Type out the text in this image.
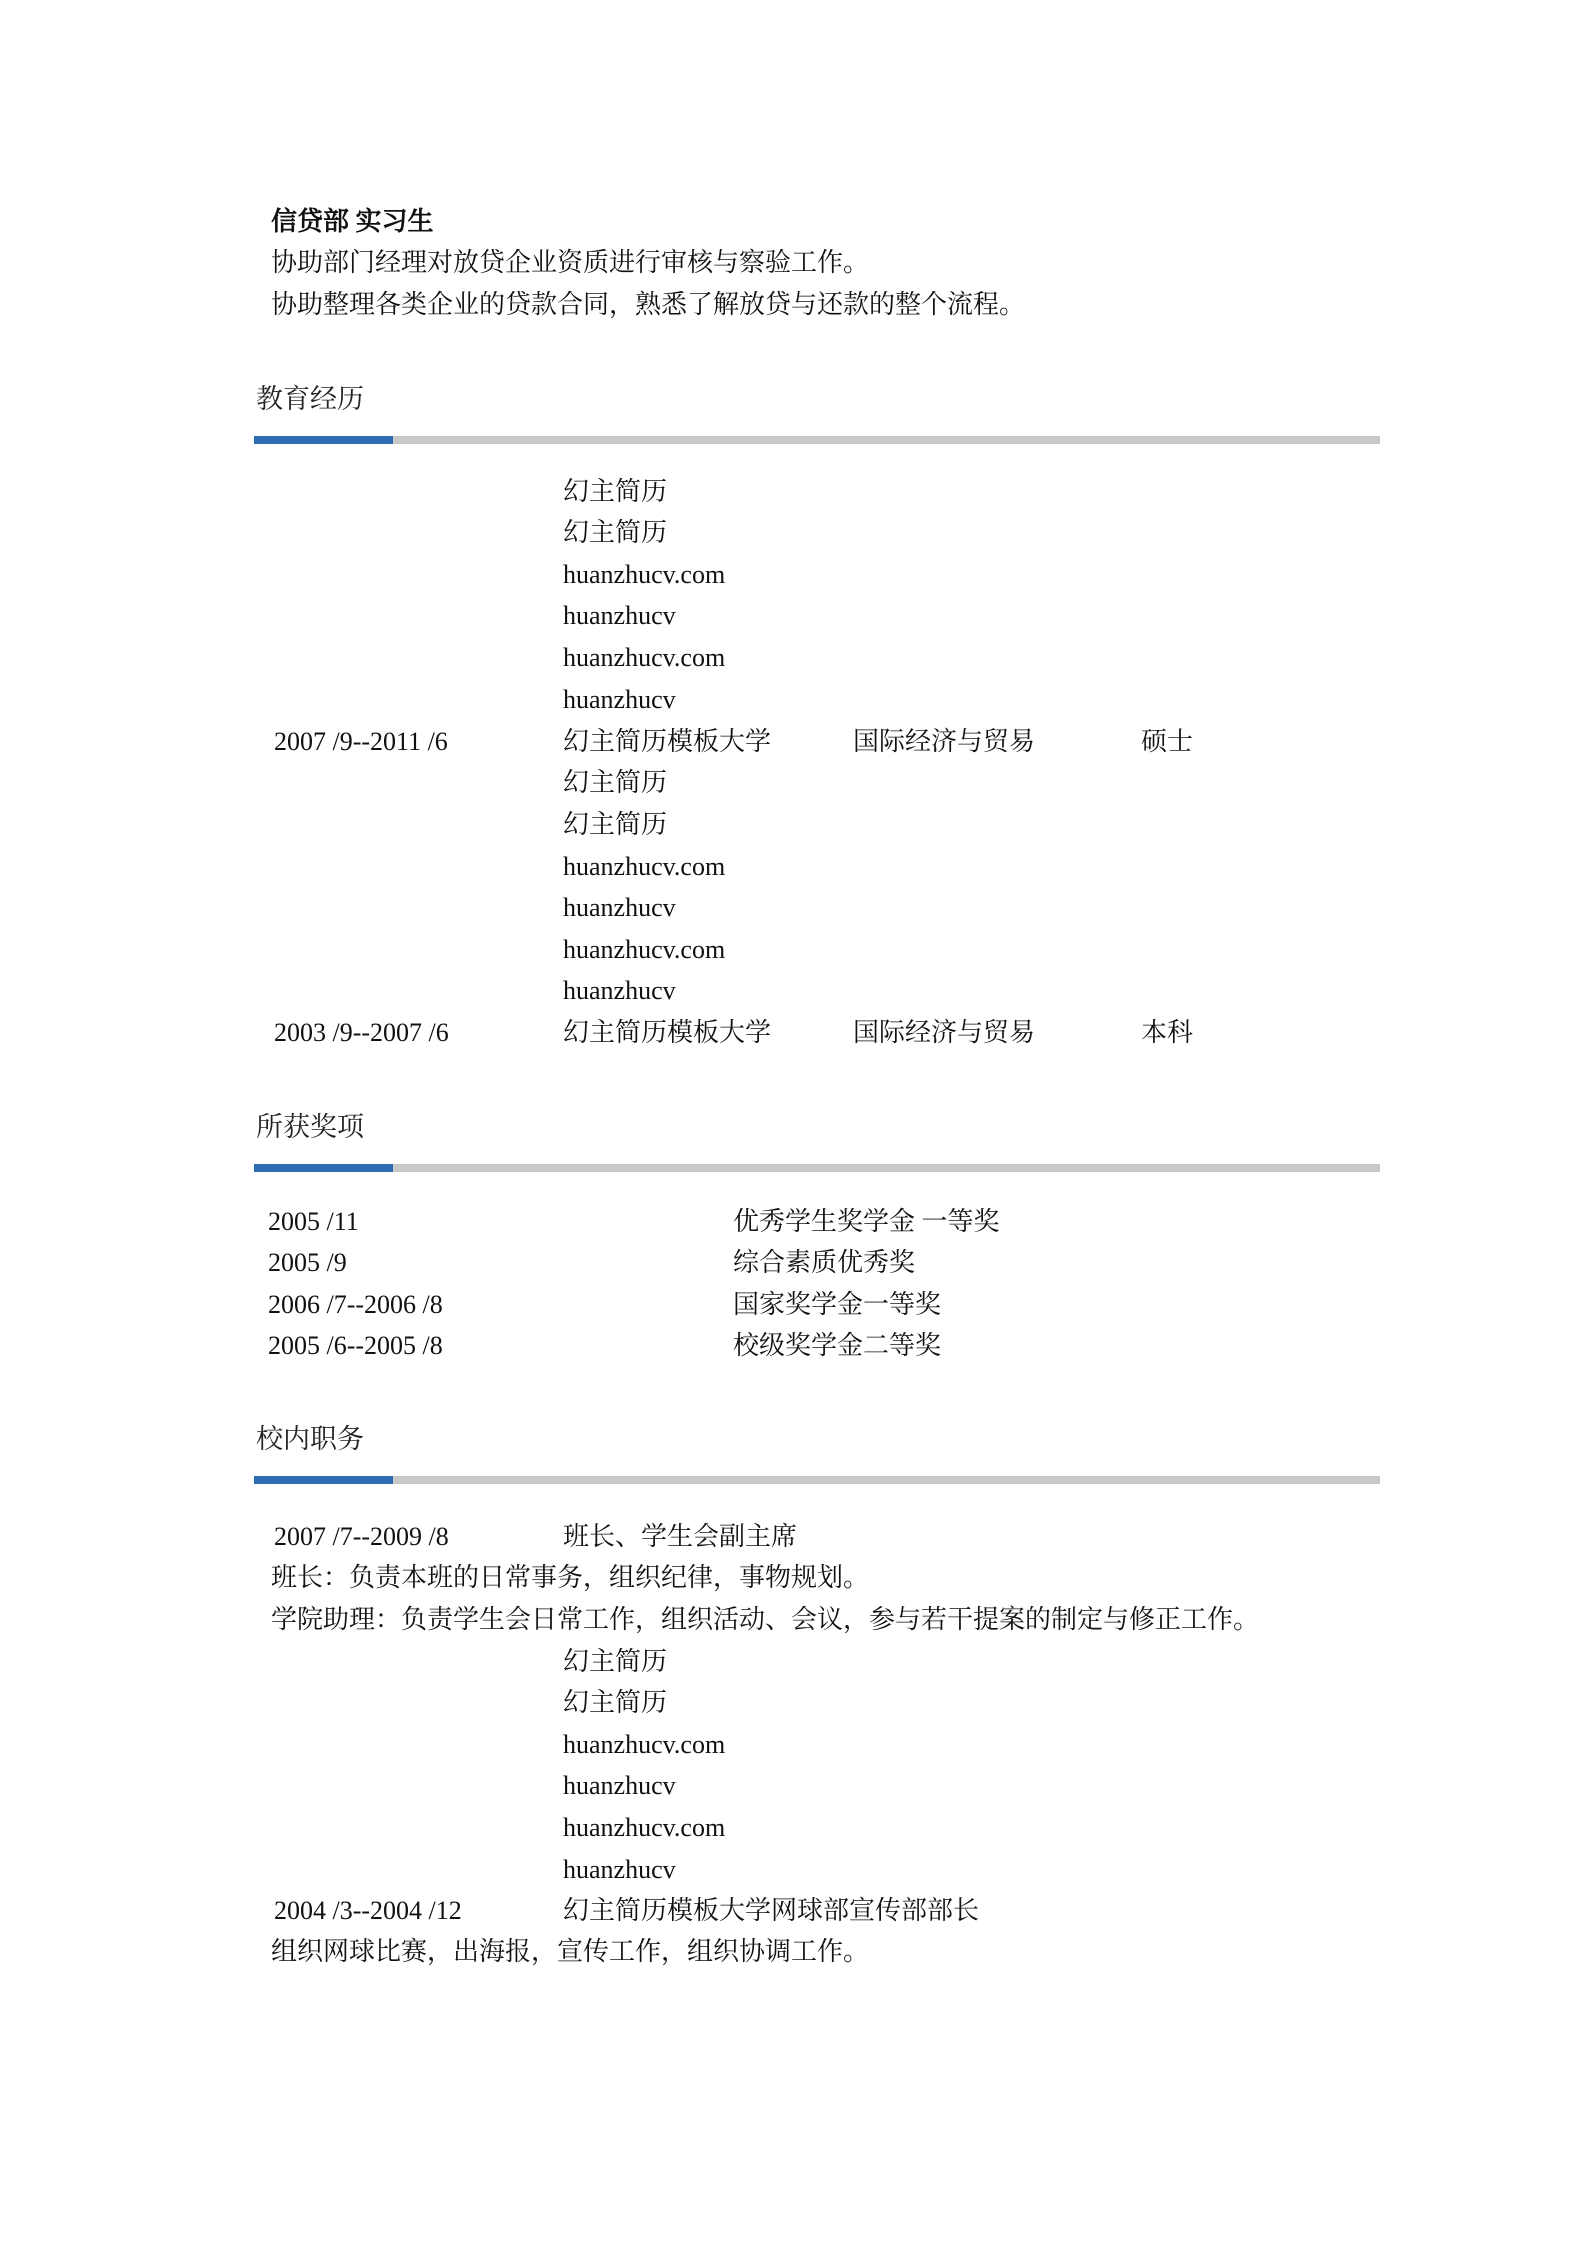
信贷部 实习生
协助部门经理对放贷企业资质进行审核与察验工作。
协助整理各类企业的贷款合同，熟悉了解放贷与还款的整个流程。
教育经历
幻主简历
幻主简历
huanzhucv.com
huanzhucv
huanzhucv.com
huanzhucv
2007 /9--2011 /6	幻主简历模板大学	国际经济与贸易	硕士
幻主简历
幻主简历
huanzhucv.com
huanzhucv
huanzhucv.com
huanzhucv
2003 /9--2007 /6	幻主简历模板大学	国际经济与贸易	本科
所获奖项
2005 /11	优秀学生奖学金 一等奖
2005 /9	综合素质优秀奖
2006 /7--2006 /8	国家奖学金一等奖
2005 /6--2005 /8	校级奖学金二等奖
校内职务
2007 /7--2009 /8	班长、学生会副主席
班长：负责本班的日常事务，组织纪律，事物规划。
学院助理：负责学生会日常工作，组织活动、会议，参与若干提案的制定与修正工作。
幻主简历
幻主简历
huanzhucv.com
huanzhucv
huanzhucv.com
huanzhucv
2004 /3--2004 /12	幻主简历模板大学网球部宣传部部长
组织网球比赛，出海报，宣传工作，组织协调工作。
